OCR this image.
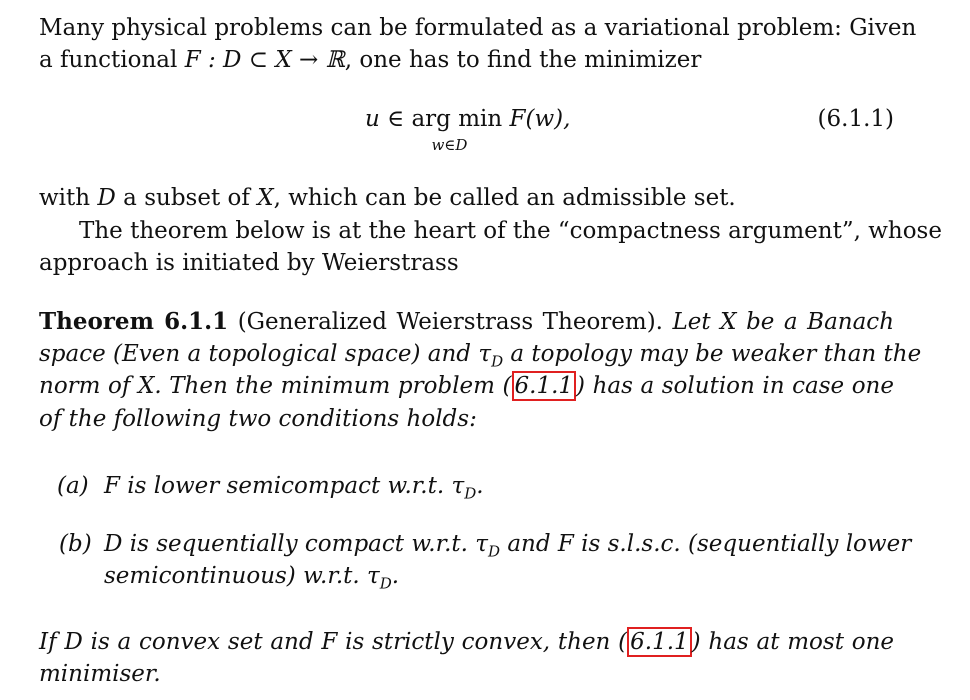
Many physical problems can be formulated as a variational problem: Given
a functional F : D ⊂ X → ℝ, one has to find the minimizer
u ∈ arg min
w∈D
F(w),	(6.1.1)
with D a subset of X, which can be called an admissible set.
The theorem below is at the heart of the “compactness argument”, whose
approach is initiated by Weierstrass
Theorem 6.1.1 (Generalized Weierstrass Theorem). Let X be a Banach
space (Even a topological space) and $\tau_D$ a topology may be weaker than the
norm of X. Then the minimum problem ( 6.1.1 ) has a solution in case one
of the following two conditions holds:
(a) F is lower semicompact w.r.t. $\tau_D$.
(b) D is sequentially compact w.r.t. $\tau_D$ and F is s.l.s.c. (sequentially lower
semicontinuous) w.r.t. $\tau_D$.
If D is a convex set and F is strictly convex, then ( 6.1.1 ) has at most one
minimiser.
